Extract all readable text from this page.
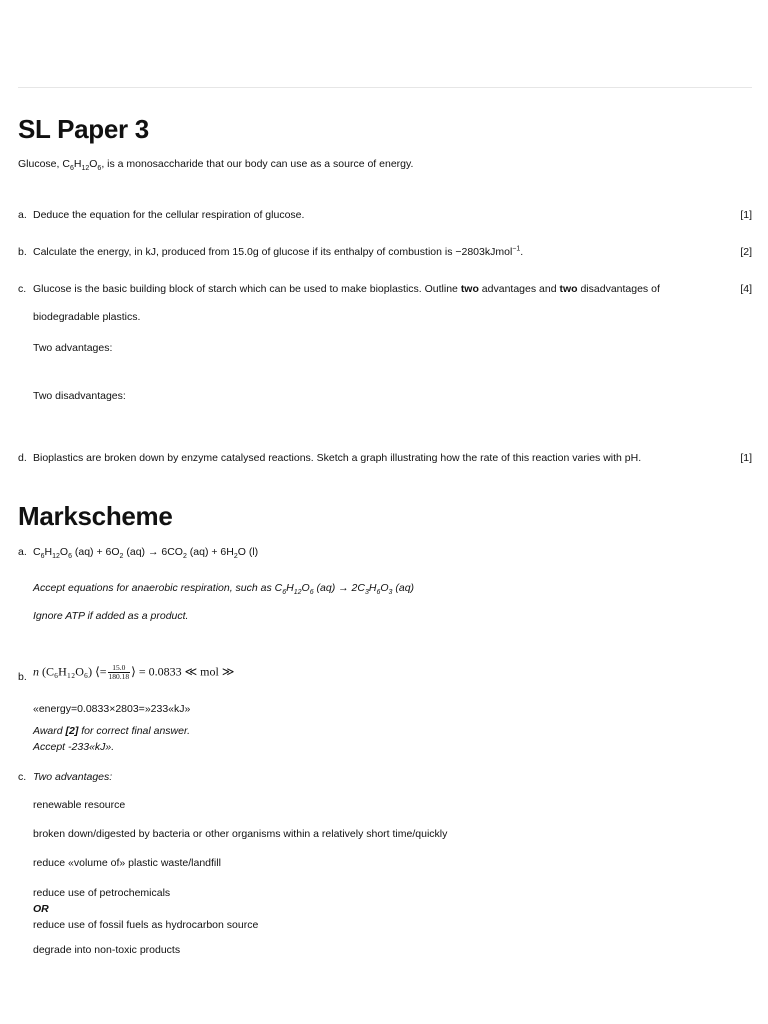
SL Paper 3
Glucose, $C_6H_{12}O_6$, is a monosaccharide that our body can use as a source of energy.
a. Deduce the equation for the cellular respiration of glucose.	[1]
b. Calculate the energy, in kJ, produced from 15.0g of glucose if its enthalpy of combustion is −2803kJmol$^{-1}$.	[2]
c. Glucose is the basic building block of starch which can be used to make bioplastics. Outline two advantages and two disadvantages of
biodegradable plastics.
[4]
Two advantages:
Two disadvantages:
d. Bioplastics are broken down by enzyme catalysed reactions. Sketch a graph illustrating how the rate of this reaction varies with pH.	[1]
Markscheme
a. $C_6H_{12}O_6$ $(aq) + 6O_2$ $(aq) \to 6CO_2$ $(aq) + 6H_2O$ (l)
Accept equations for anaerobic respiration, such as $C_6H_{12}O_6$ $(aq) \to 2C_3H_6O_3$ (aq)
Ignore ATP if added as a product.
b. n (C₆H₁₂O₆) ⟨= $\frac{15.0}{180.18}$ ⟩ = 0.0833 ≪ mol ≫
«energy=0.0833×2803=»233«kJ»
Award [2] for correct final answer.
Accept -233«kJ».
c. Two advantages:
renewable resource
broken down/digested by bacteria or other organisms within a relatively short time/quickly
reduce «volume of» plastic waste/landfill
reduce use of petrochemicals
OR
reduce use of fossil fuels as hydrocarbon source
degrade into non-toxic products
